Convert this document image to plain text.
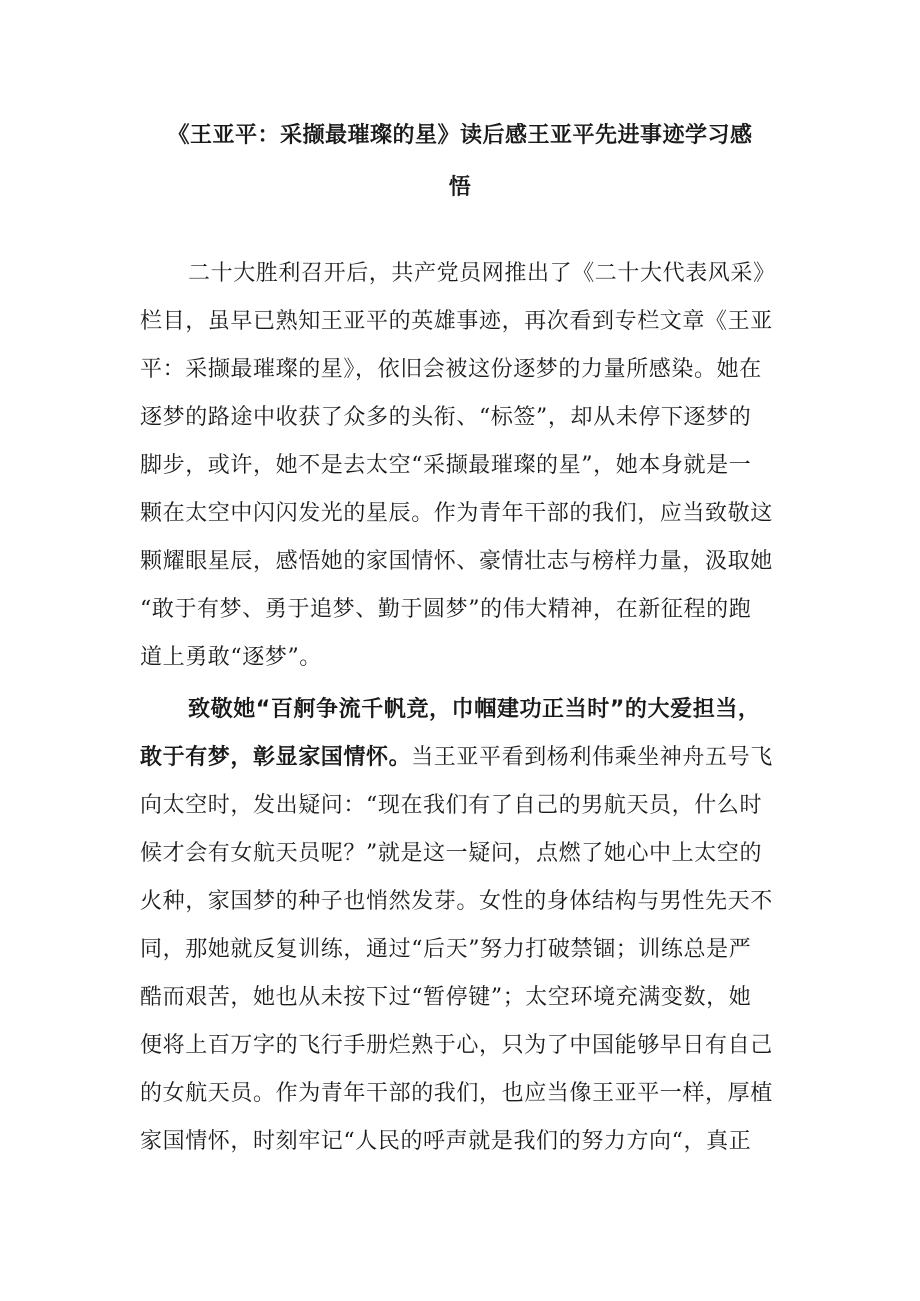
《王亚平：采撷最璀璨的星》读后感王亚平先进事迹学习感
悟
二十大胜利召开后，共产党员网推出了《二十大代表风采》
栏目，虽早已熟知王亚平的英雄事迹，再次看到专栏文章《王亚
平：采撷最璀璨的星》，依旧会被这份逐梦的力量所感染。她在
逐梦的路途中收获了众多的头衔、“标签”，却从未停下逐梦的
脚步，或许，她不是去太空“采撷最璀璨的星”，她本身就是一
颗在太空中闪闪发光的星辰。作为青年干部的我们，应当致敬这
颗耀眼星辰，感悟她的家国情怀、豪情壮志与榜样力量，汲取她
“敢于有梦、勇于追梦、勤于圆梦”的伟大精神，在新征程的跑
道上勇敢“逐梦”。
致敬她“百舸争流千帆竞，巾帼建功正当时”的大爱担当，
敢于有梦，彰显家国情怀。当王亚平看到杨利伟乘坐神舟五号飞
向太空时，发出疑问：“现在我们有了自己的男航天员，什么时
候才会有女航天员呢？”就是这一疑问，点燃了她心中上太空的
火种，家国梦的种子也悄然发芽。女性的身体结构与男性先天不
同，那她就反复训练，通过“后天”努力打破禁锢；训练总是严
酷而艰苦，她也从未按下过“暂停键”；太空环境充满变数，她
便将上百万字的飞行手册烂熟于心，只为了中国能够早日有自己
的女航天员。作为青年干部的我们，也应当像王亚平一样，厚植
家国情怀，时刻牢记“人民的呼声就是我们的努力方向“，真正
